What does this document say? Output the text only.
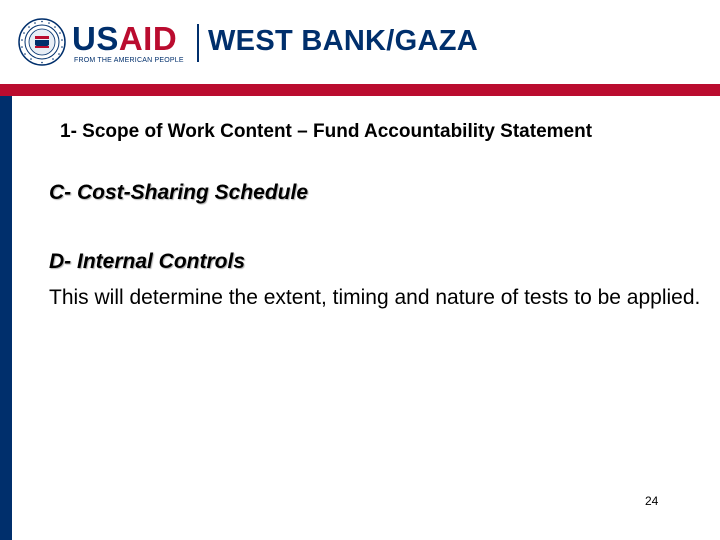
USAID
FROM THE AMERICAN PEOPLE
WEST BANK/GAZA
1- Scope of Work Content – Fund Accountability Statement
C- Cost-Sharing Schedule
D- Internal Controls
This will determine the extent, timing and nature of tests to be applied.
24
